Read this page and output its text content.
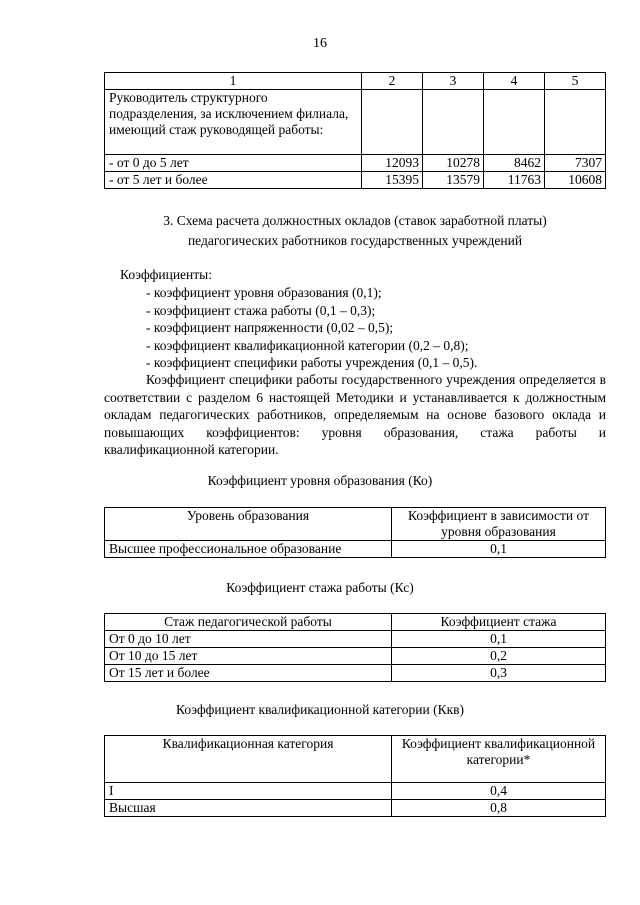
16
1	2	3	4	5
Руководитель структурного подразделения, за исключением филиала, имеющий стаж руководящей работы:				
- от 0 до 5 лет	12093	10278	8462	7307
- от 5 лет и более	15395	13579	11763	10608
3. Схема расчета должностных окладов (ставок заработной платы)
педагогических работников государственных учреждений
Коэффициенты:
- коэффициент уровня образования (0,1);
- коэффициент стажа работы (0,1 – 0,3);
- коэффициент напряженности (0,02 – 0,5);
- коэффициент квалификационной категории (0,2 – 0,8);
- коэффициент специфики работы учреждения (0,1 – 0,5).
Коэффициент специфики работы государственного учреждения определяется в соответствии с разделом 6 настоящей Методики и устанавливается к должностным окладам педагогических работников, определяемым на основе базового оклада и повышающих коэффициентов: уровня образования, стажа работы и квалификационной категории.
Коэффициент уровня образования (Ко)
Уровень образования	Коэффициент в зависимости от уровня образования
Высшее профессиональное образование	0,1
Коэффициент стажа работы (Кс)
Стаж педагогической работы	Коэффициент стажа
От 0 до 10 лет	0,1
От 10 до 15 лет	0,2
От 15 лет и более	0,3
Коэффициент квалификационной категории (Ккв)
Квалификационная категория	Коэффициент квалификационной категории*
I	0,4
Высшая	0,8
